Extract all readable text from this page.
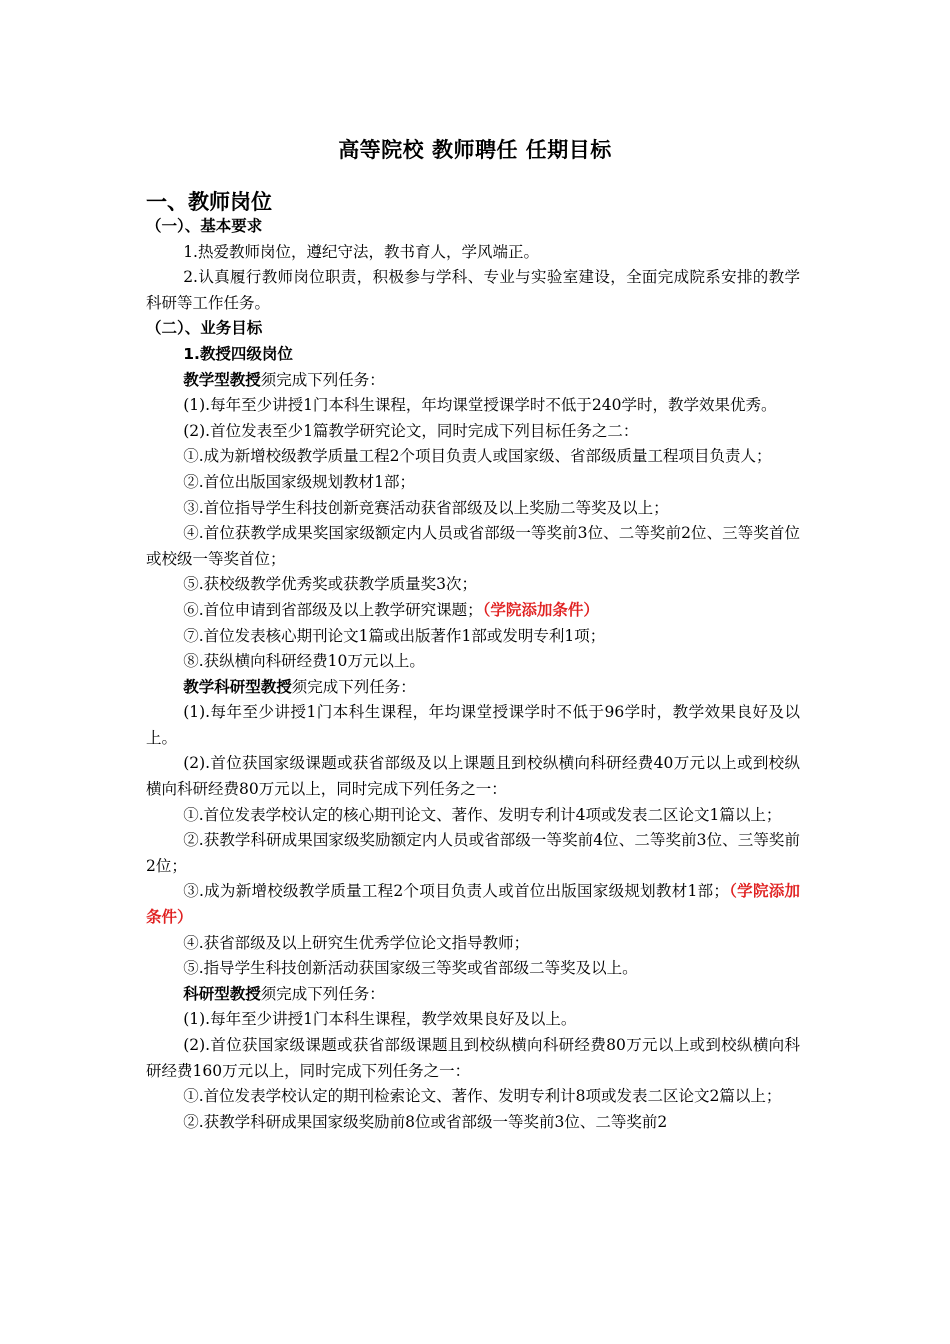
高等院校 教师聘任 任期目标
一、教师岗位

（一）、基本要求

1.热爱教师岗位，遵纪守法，教书育人，学风端正。

2.认真履行教师岗位职责，积极参与学科、专业与实验室建设，全面完成院系安排的教学科研等工作任务。

（二）、业务目标

1.教授四级岗位

教学型教授须完成下列任务：

(1).每年至少讲授1门本科生课程，年均课堂授课学时不低于240学时，教学效果优秀。

(2).首位发表至少1篇教学研究论文，同时完成下列目标任务之二：

①.成为新增校级教学质量工程2个项目负责人或国家级、省部级质量工程项目负责人；

②.首位出版国家级规划教材1部；

③.首位指导学生科技创新竞赛活动获省部级及以上奖励二等奖及以上；

④.首位获教学成果奖国家级额定内人员或省部级一等奖前3位、二等奖前2位、三等奖首位或校级一等奖首位；

⑤.获校级教学优秀奖或获教学质量奖3次；

⑥.首位申请到省部级及以上教学研究课题；（学院添加条件）

⑦.首位发表核心期刊论文1篇或出版著作1部或发明专利1项；

⑧.获纵横向科研经费10万元以上。

教学科研型教授须完成下列任务：

(1).每年至少讲授1门本科生课程，年均课堂授课学时不低于96学时，教学效果良好及以上。

(2).首位获国家级课题或获省部级及以上课题且到校纵横向科研经费40万元以上或到校纵横向科研经费80万元以上，同时完成下列任务之一：

①.首位发表学校认定的核心期刊论文、著作、发明专利计4项或发表二区论文1篇以上；

②.获教学科研成果国家级奖励额定内人员或省部级一等奖前4位、二等奖前3位、三等奖前2位；

③.成为新增校级教学质量工程2个项目负责人或首位出版国家级规划教材1部；（学院添加条件）

④.获省部级及以上研究生优秀学位论文指导教师；

⑤.指导学生科技创新活动获国家级三等奖或省部级二等奖及以上。

科研型教授须完成下列任务：

(1).每年至少讲授1门本科生课程，教学效果良好及以上。

(2).首位获国家级课题或获省部级课题且到校纵横向科研经费80万元以上或到校纵横向科研经费160万元以上，同时完成下列任务之一：

①.首位发表学校认定的期刊检索论文、著作、发明专利计8项或发表二区论文2篇以上；

②.获教学科研成果国家级奖励前8位或省部级一等奖前3位、二等奖前2
